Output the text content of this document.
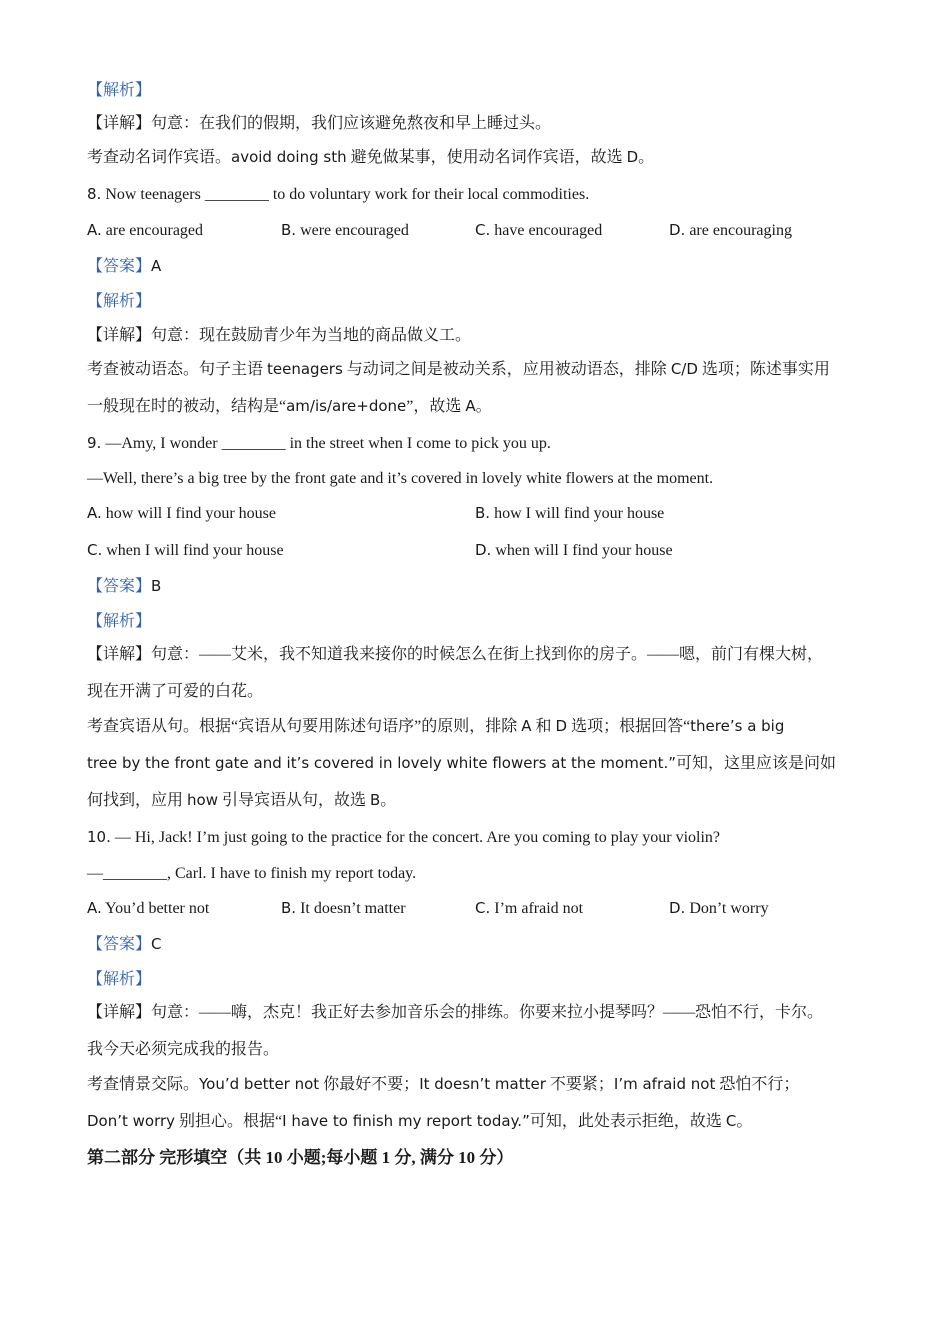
【解析】
【详解】句意：在我们的假期，我们应该避免熬夜和早上睡过头。
考查动名词作宾语。avoid doing sth 避免做某事，使用动名词作宾语，故选 D。
8. Now teenagers ________ to do voluntary work for their local commodities.
A. are encouraged	B. were encouraged	C. have encouraged	D. are encouraging
【答案】A
【解析】
【详解】句意：现在鼓励青少年为当地的商品做义工。
考查被动语态。句子主语 teenagers 与动词之间是被动关系，应用被动语态，排除 C/D 选项；陈述事实用
一般现在时的被动，结构是“am/is/are+done”，故选 A。
9. —Amy, I wonder ________ in the street when I come to pick you up.
—Well, there’s a big tree by the front gate and it’s covered in lovely white flowers at the moment.
A. how will I find your house	B. how I will find your house
C. when I will find your house	D. when will I find your house
【答案】B
【解析】
【详解】句意：——艾米，我不知道我来接你的时候怎么在街上找到你的房子。——嗯，前门有棵大树，
现在开满了可爱的白花。
考查宾语从句。根据“宾语从句要用陈述句语序”的原则，排除 A 和 D 选项；根据回答“there’s a big
tree by the front gate and it’s covered in lovely white flowers at the moment.”可知，这里应该是问如
何找到，应用 how 引导宾语从句，故选 B。
10. — Hi, Jack! I’m just going to the practice for the concert. Are you coming to play your violin?
—________, Carl. I have to finish my report today.
A. You’d better not	B. It doesn’t matter	C. I’m afraid not	D. Don’t worry
【答案】C
【解析】
【详解】句意：——嗨，杰克！我正好去参加音乐会的排练。你要来拉小提琴吗？——恐怕不行，卡尔。
我今天必须完成我的报告。
考查情景交际。You’d better not 你最好不要；It doesn’t matter 不要紧；I’m afraid not 恐怕不行；
Don’t worry 别担心。根据“I have to finish my report today.”可知，此处表示拒绝，故选 C。
第二部分 完形填空（共 10 小题;每小题 1 分, 满分 10 分）
